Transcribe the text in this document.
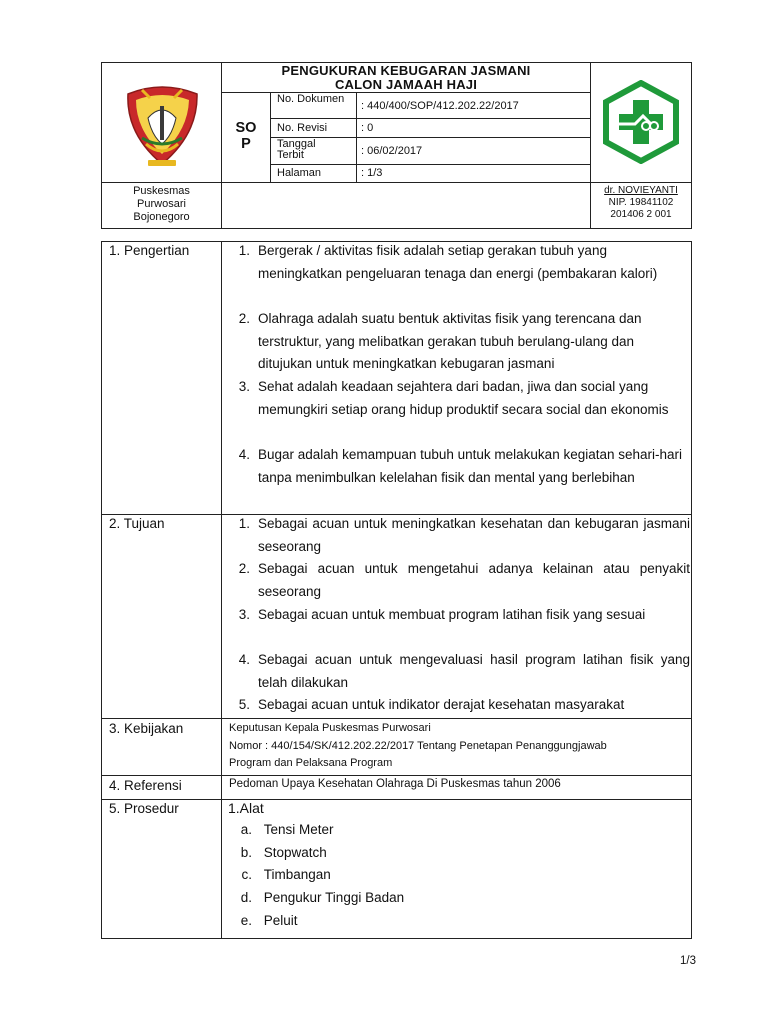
PENGUKURAN KEBUGARAN JASMANI
CALON JAMAAH HAJI
SO
P
No. Dokumen
: 440/400/SOP/412.202.22/2017
No. Revisi	: 0
Tanggal Terbit	: 06/02/2017
Halaman	: 1/3
Puskesmas
Purwosari
Bojonegoro
dr. NOVIEYANTI
NIP. 19841102
201406 2 001
1. Pengertian	1. Bergerak / aktivitas fisik adalah setiap gerakan tubuh yang meningkatkan pengeluaran tenaga dan energi (pembakaran kalori)
2. Olahraga adalah suatu bentuk aktivitas fisik yang terencana dan terstruktur, yang melibatkan gerakan tubuh berulang-ulang dan ditujukan untuk meningkatkan kebugaran jasmani
3. Sehat adalah keadaan sejahtera dari badan, jiwa dan social yang memungkiri setiap orang hidup produktif secara social dan ekonomis
4. Bugar adalah kemampuan tubuh untuk melakukan kegiatan sehari-hari tanpa menimbulkan kelelahan fisik dan mental yang berlebihan
2. Tujuan	1. Sebagai acuan untuk meningkatkan kesehatan dan kebugaran jasmani seseorang
2. Sebagai acuan untuk mengetahui adanya kelainan atau penyakit seseorang
3. Sebagai acuan untuk membuat program latihan fisik yang sesuai
4. Sebagai acuan untuk mengevaluasi hasil program latihan fisik yang telah dilakukan
5. Sebagai acuan untuk indikator derajat kesehatan masyarakat
3. Kebijakan	Keputusan Kepala Puskesmas Purwosari
Nomor : 440/154/SK/412.202.22/2017 Tentang Penetapan Penanggungjawab
Program dan Pelaksana Program
4. Referensi	Pedoman Upaya Kesehatan Olahraga Di Puskesmas tahun 2006
5. Prosedur	1.Alat
a. Tensi Meter
b. Stopwatch
c. Timbangan
d. Pengukur Tinggi Badan
e. Peluit
1/3
